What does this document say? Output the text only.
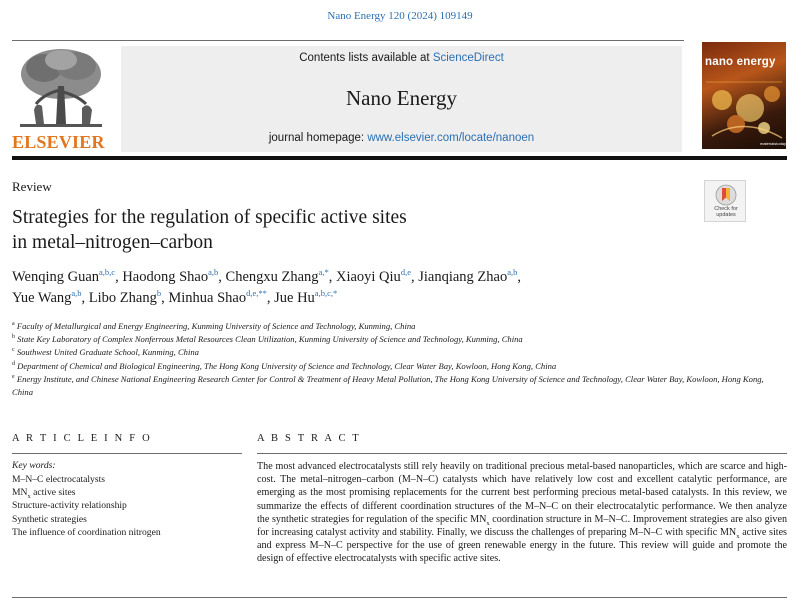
Nano Energy 120 (2024) 109149
ELSEVIER
Contents lists available at ScienceDirect
Nano Energy
journal homepage: www.elsevier.com/locate/nanoen
nano energy
materialstoday
Review
Strategies for the regulation of specific active sites
in metal–nitrogen–carbon
Check for
updates
Wenqing Guan$^{a,b,c}$, Haodong Shao$^{a,b}$, Chengxu Zhang$^{a,*}$, Xiaoyi Qiu$^{d,e}$, Jianqiang Zhao$^{a,b}$,
Yue Wang$^{a,b}$, Libo Zhang$^b$, Minhua Shao$^{d,e,**}$, Jue Hu$^{a,b,c,*}$
$^a$ Faculty of Metallurgical and Energy Engineering, Kunming University of Science and Technology, Kunming, China
$^b$ State Key Laboratory of Complex Nonferrous Metal Resources Clean Utilization, Kunming University of Science and Technology, Kunming, China
$^c$ Southwest United Graduate School, Kunming, China
$^d$ Department of Chemical and Biological Engineering, The Hong Kong University of Science and Technology, Clear Water Bay, Kowloon, Hong Kong, China
$^e$ Energy Institute, and Chinese National Engineering Research Center for Control & Treatment of Heavy Metal Pollution, The Hong Kong University of Science and Technology, Clear Water Bay, Kowloon, Hong Kong, China
A R T I C L E I N F O
Key words:
M–N–C electrocatalysts
$MN_x$ active sites
Structure-activity relationship
Synthetic strategies
The influence of coordination nitrogen
A B S T R A C T

The most advanced electrocatalysts still rely heavily on traditional precious metal-based nanoparticles, which are scarce and high-cost. The metal–nitrogen–carbon (M–N–C) catalysts which have relatively low cost and excellent catalytic performance, are emerging as the most promising replacements for the current best performing precious metal-based catalysts. In this review, we summarize the effects of different coordination structures of the M–N–C on their electrocatalytic performance. We then analyze the synthetic strategies for regulation of the specific $MN_x$ coordination structure in M–N–C. Improvement strategies are also given for increasing catalyst activity and stability. Finally, we discuss the challenges of preparing M–N–C with specific $MN_x$ active sites and express M–N–C perspective for the use of green renewable energy in the future. This review will guide and promote the design of effective electrocatalysts with specific active sites.
